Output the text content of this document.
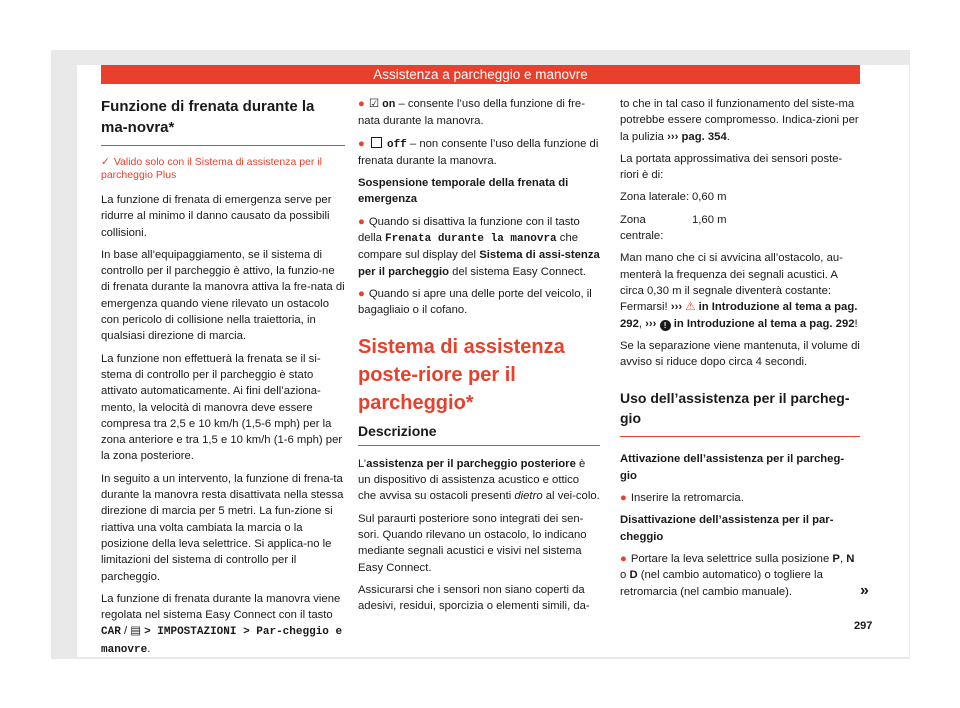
Assistenza a parcheggio e manovre
Funzione di frenata durante la ma-novra*
✓ Valido solo con il Sistema di assistenza per il parcheggio Plus

La funzione di frenata di emergenza serve per ridurre al minimo il danno causato da possibili collisioni.

In base all’equipaggiamento, se il sistema di controllo per il parcheggio è attivo, la funzio-ne di frenata durante la manovra attiva la fre-nata di emergenza quando viene rilevato un ostacolo con pericolo di collisione nella traiettoria, in qualsiasi direzione di marcia.

La funzione non effettuerà la frenata se il si-stema di controllo per il parcheggio è stato attivato automaticamente. Ai fini dell’aziona-mento, la velocità di manovra deve essere compresa tra 2,5 e 10 km/h (1,5-6 mph) per la zona anteriore e tra 1,5 e 10 km/h (1-6 mph) per la zona posteriore.

In seguito a un intervento, la funzione di frena-ta durante la manovra resta disattivata nella stessa direzione di marcia per 5 metri. La fun-zione si riattiva una volta cambiata la marcia o la posizione della leva selettrice. Si applica-no le limitazioni del sistema di controllo per il parcheggio.

La funzione di frenata durante la manovra viene regolata nel sistema Easy Connect con il tasto CAR / ▤ > IMPOSTAZIONI > Par-cheggio e manovre.

● ☑ on – consente l’uso della funzione di fre-nata durante la manovra.

● off – non consente l’uso della funzione di frenata durante la manovra.

Sospensione temporale della frenata di emergenza

● Quando si disattiva la funzione con il tasto della Frenata durante la manovra che compare sul display del Sistema di assi-stenza per il parcheggio del sistema Easy Connect.

● Quando si apre una delle porte del veicolo, il bagagliaio o il cofano.

Sistema di assistenza poste-riore per il parcheggio*
Descrizione

L’assistenza per il parcheggio posteriore è un dispositivo di assistenza acustico e ottico che avvisa su ostacoli presenti dietro al vei-colo.

Sul paraurti posteriore sono integrati dei sen-sori. Quando rilevano un ostacolo, lo indicano mediante segnali acustici e visivi nel sistema Easy Connect.

Assicurarsi che i sensori non siano coperti da adesivi, residui, sporcizia o elementi simili, da-

to che in tal caso il funzionamento del siste-ma potrebbe essere compromesso. Indica-zioni per la pulizia ››› pag. 354.

La portata approssimativa dei sensori poste-riori è di:

Zona laterale: 0,60 m

Zona centrale:
1,60 m

Man mano che ci si avvicina all’ostacolo, au-menterà la frequenza dei segnali acustici. A circa 0,30 m il segnale diventerà costante: Fermarsi! ››› ⚠ in Introduzione al tema a pag. 292, ››› ! in Introduzione al tema a pag. 292!

Se la separazione viene mantenuta, il volume di avviso si riduce dopo circa 4 secondi.

Uso dell’assistenza per il parcheg-gio

Attivazione dell’assistenza per il parcheg-gio

● Inserire la retromarcia.

Disattivazione dell’assistenza per il par-cheggio

● Portare la leva selettrice sulla posizione P, N o D (nel cambio automatico) o togliere la retromarcia (nel cambio manuale).	»
297
